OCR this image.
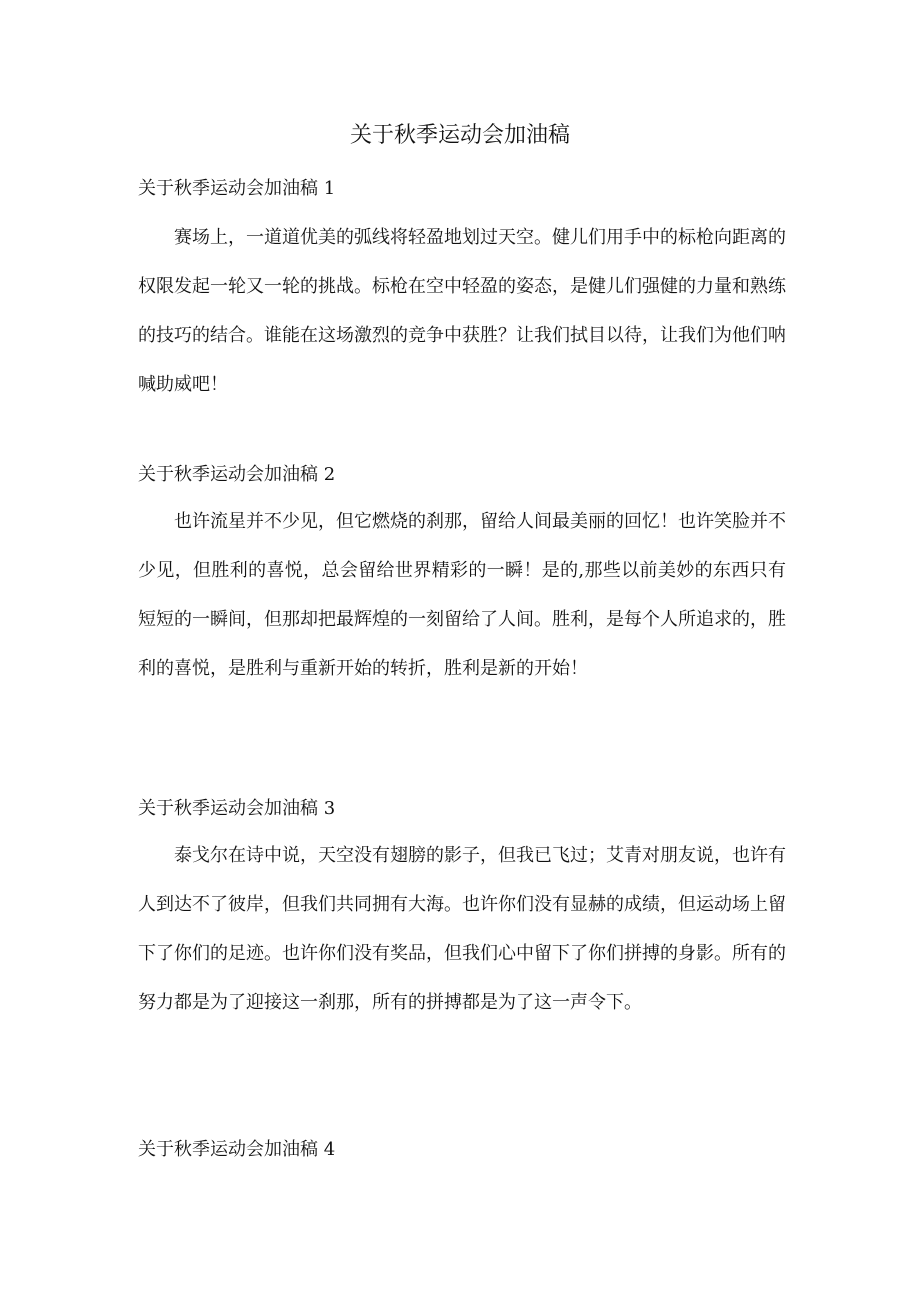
关于秋季运动会加油稿
关于秋季运动会加油稿 1

赛场上，一道道优美的弧线将轻盈地划过天空。健儿们用手中的标枪向距离的权限发起一轮又一轮的挑战。标枪在空中轻盈的姿态，是健儿们强健的力量和熟练的技巧的结合。谁能在这场激烈的竞争中获胜？让我们拭目以待，让我们为他们呐喊助威吧！

关于秋季运动会加油稿 2

也许流星并不少见，但它燃烧的刹那，留给人间最美丽的回忆！也许笑脸并不少见，但胜利的喜悦，总会留给世界精彩的一瞬！是的,那些以前美妙的东西只有短短的一瞬间，但那却把最辉煌的一刻留给了人间。胜利，是每个人所追求的，胜利的喜悦，是胜利与重新开始的转折，胜利是新的开始！

关于秋季运动会加油稿 3

泰戈尔在诗中说，天空没有翅膀的影子，但我已飞过；艾青对朋友说，也许有人到达不了彼岸，但我们共同拥有大海。也许你们没有显赫的成绩，但运动场上留下了你们的足迹。也许你们没有奖品，但我们心中留下了你们拼搏的身影。所有的努力都是为了迎接这一刹那，所有的拼搏都是为了这一声令下。

关于秋季运动会加油稿 4
